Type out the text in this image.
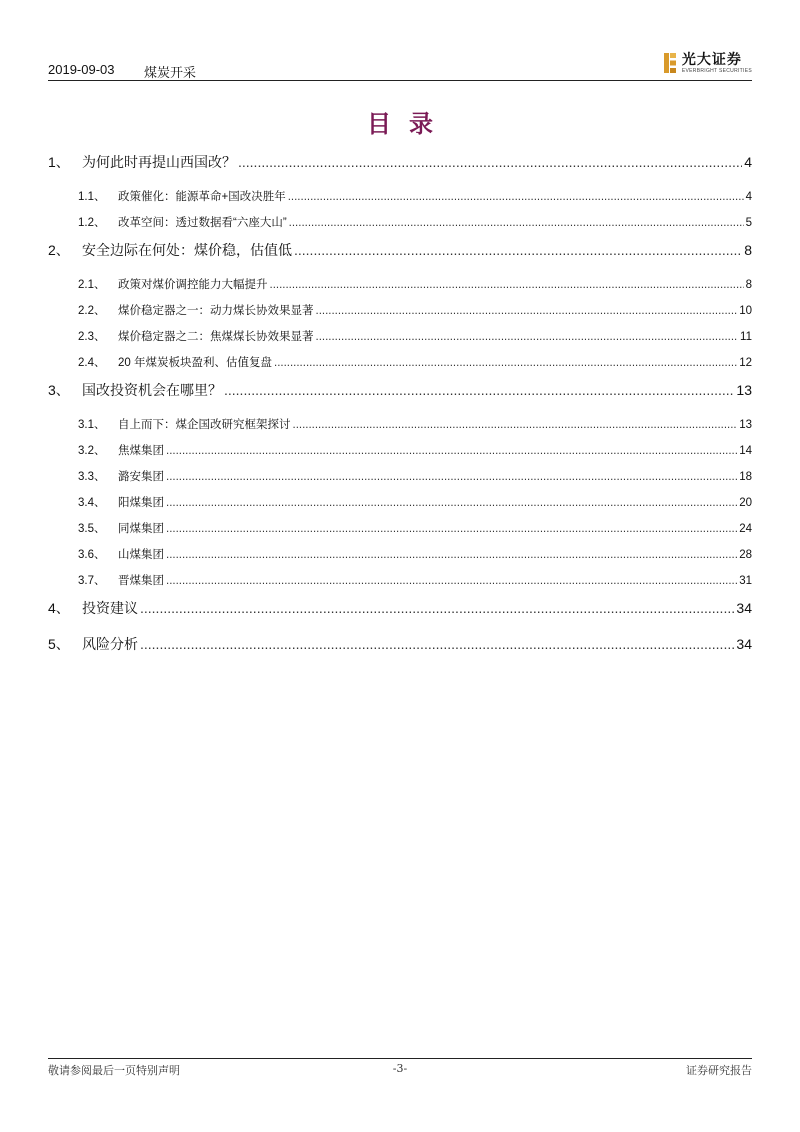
2019-09-03 煤炭开采
光大证券
EVERBRIGHT SECURITIES
目录
1、 为何此时再提山西国改？ .....	4
1.1、	政策催化：能源革命+国改决胜年 .....	4
1.2、	改革空间：透过数据看“六座大山” .....	5
2、 安全边际在何处：煤价稳，估值低 .....	8
2.1、	政策对煤价调控能力大幅提升 .....	8
2.2、	煤价稳定器之一：动力煤长协效果显著 .....	10
2.3、	煤价稳定器之二：焦煤煤长协效果显著 .....	11
2.4、	20 年煤炭板块盈利、估值复盘 .....	12
3、 国改投资机会在哪里？ .....	13
3.1、	自上而下：煤企国改研究框架探讨 .....	13
3.2、	焦煤集团 .....	14
3.3、	潞安集团 .....	18
3.4、	阳煤集团 .....	20
3.5、	同煤集团 .....	24
3.6、	山煤集团 .....	28
3.7、	晋煤集团 .....	31
4、 投资建议 .....	34
5、 风险分析 .....	34
敬请参阅最后一页特别声明	-3-	证券研究报告
